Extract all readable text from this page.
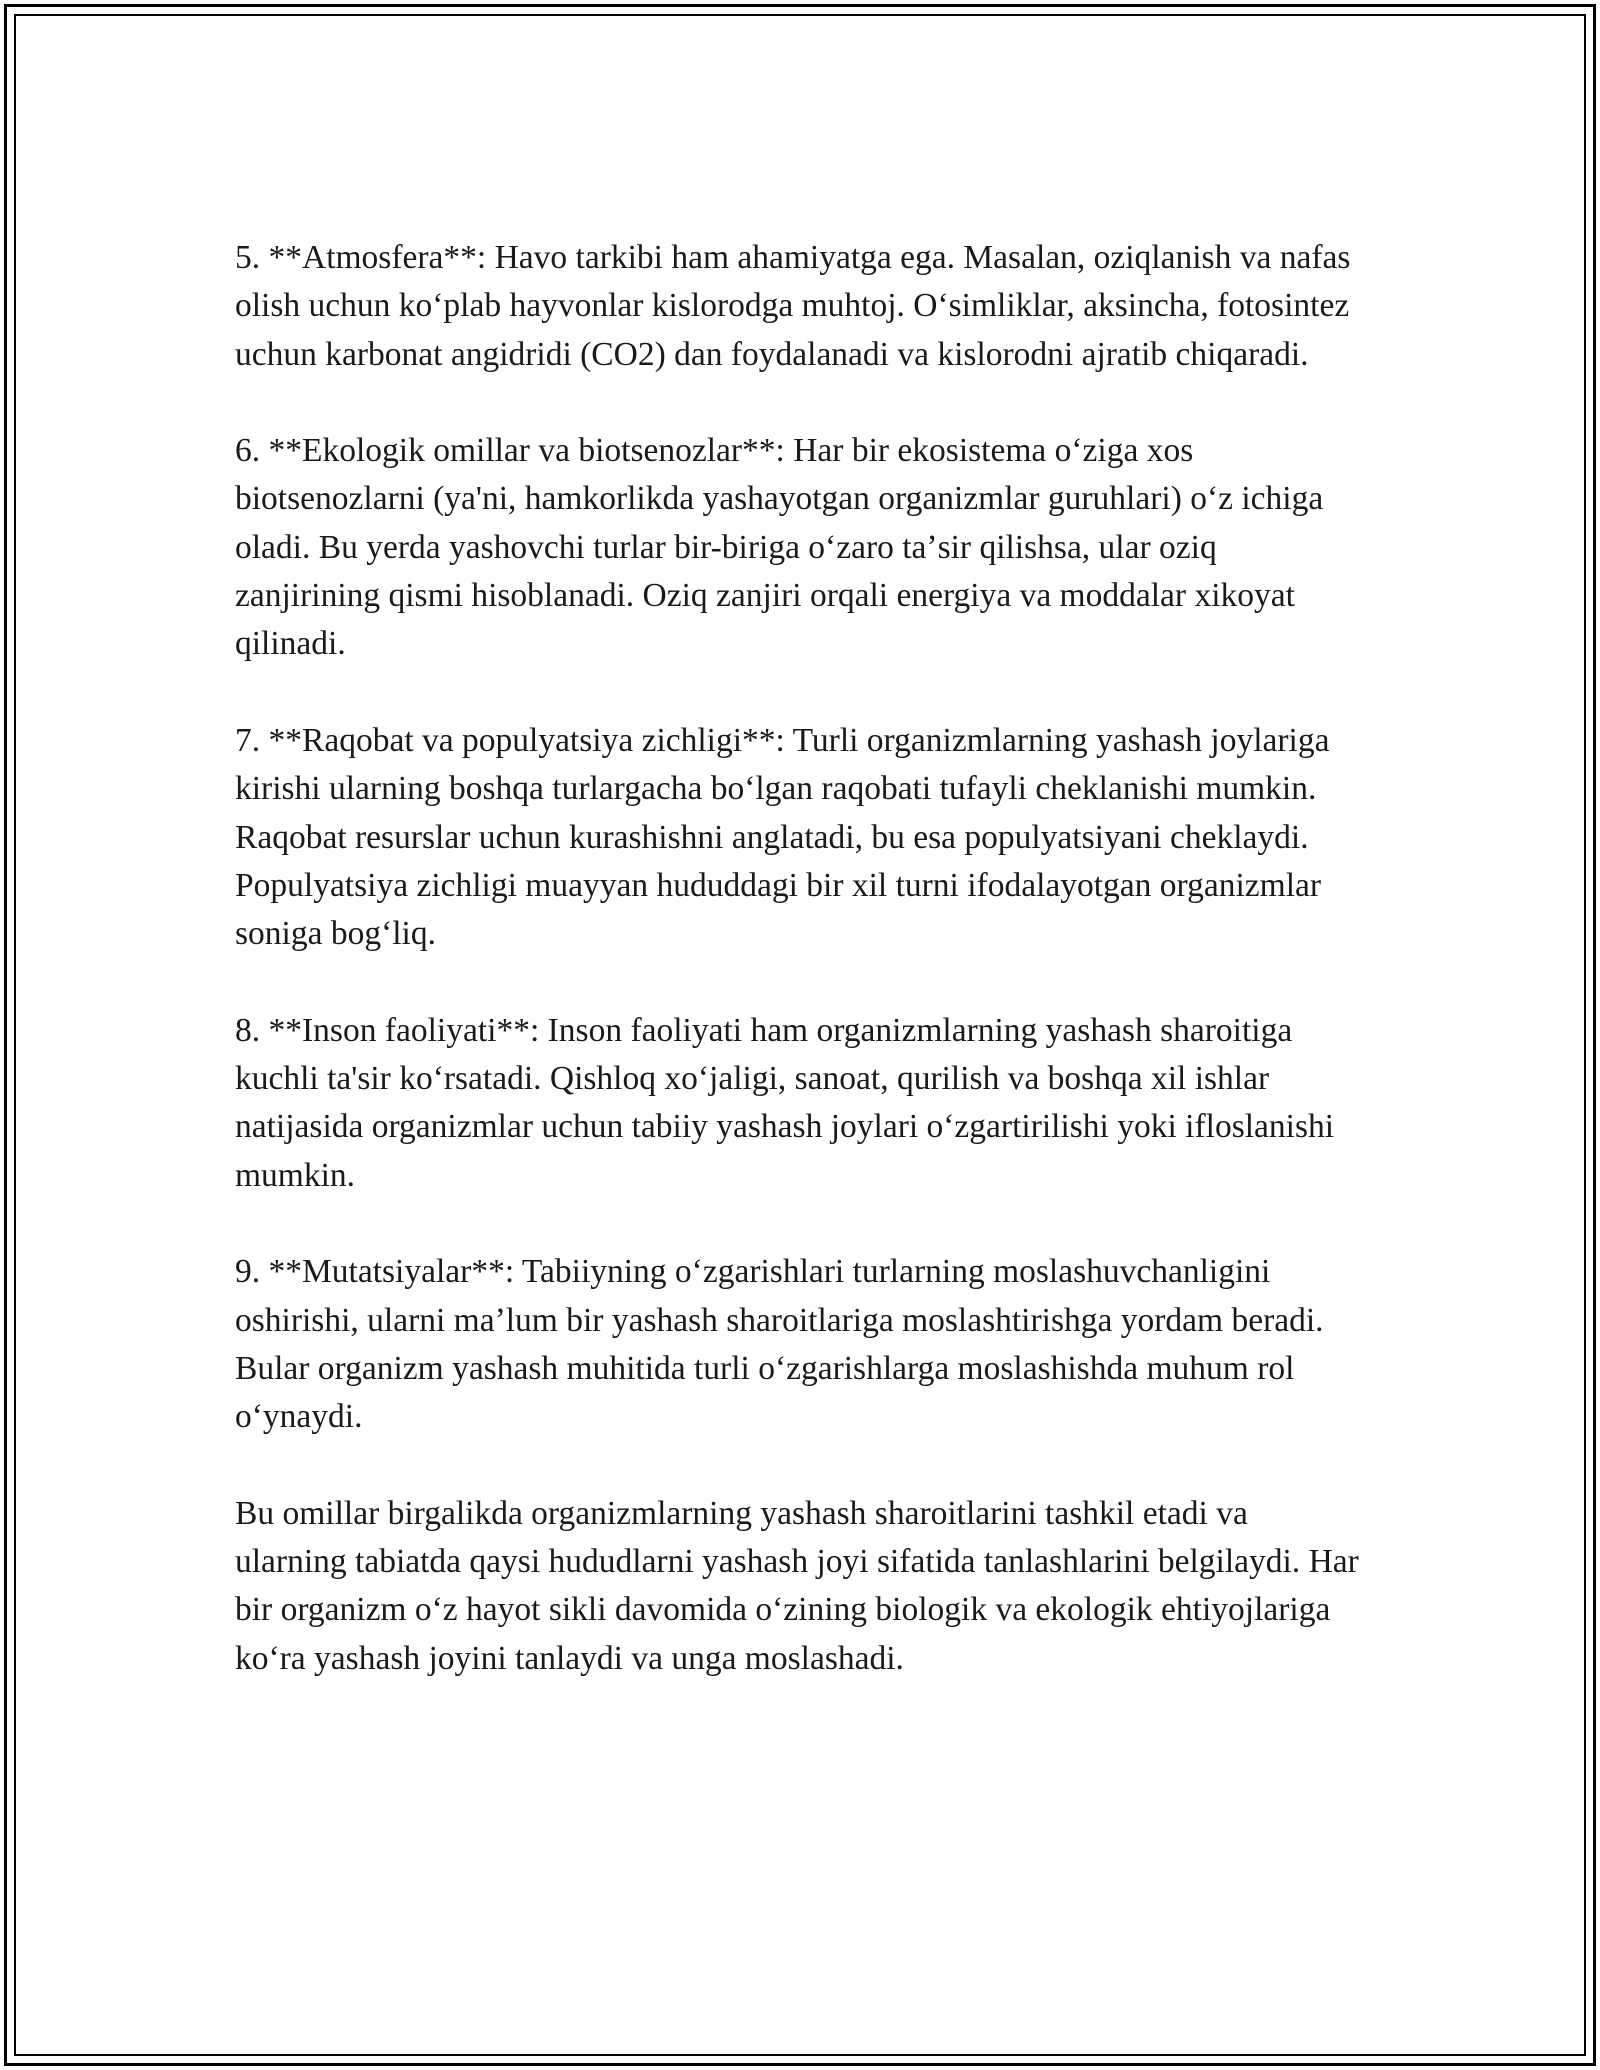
5. **Atmosfera**: Havo tarkibi ham ahamiyatga ega. Masalan, oziqlanish va nafas olish uchun koʻplab hayvonlar kislorodga muhtoj. Oʻsimliklar, aksincha, fotosintez uchun karbonat angidridi (CO2) dan foydalanadi va kislorodni ajratib chiqaradi.

6. **Ekologik omillar va biotsenozlar**: Har bir ekosistema oʻziga xos biotsenozlarni (ya'ni, hamkorlikda yashayotgan organizmlar guruhlari) oʻz ichiga oladi. Bu yerda yashovchi turlar bir-biriga oʻzaro taʼsir qilishsa, ular oziq zanjirining qismi hisoblanadi. Oziq zanjiri orqali energiya va moddalar xikoyat qilinadi.

7. **Raqobat va populyatsiya zichligi**: Turli organizmlarning yashash joylariga kirishi ularning boshqa turlargacha boʻlgan raqobati tufayli cheklanishi mumkin. Raqobat resurslar uchun kurashishni anglatadi, bu esa populyatsiyani cheklaydi. Populyatsiya zichligi muayyan hududdagi bir xil turni ifodalayotgan organizmlar soniga bogʻliq.

8. **Inson faoliyati**: Inson faoliyati ham organizmlarning yashash sharoitiga kuchli ta'sir koʻrsatadi. Qishloq xoʻjaligi, sanoat, qurilish va boshqa xil ishlar natijasida organizmlar uchun tabiiy yashash joylari oʻzgartirilishi yoki ifloslanishi mumkin.

9. **Mutatsiyalar**: Tabiiyning oʻzgarishlari turlarning moslashuvchanligini oshirishi, ularni maʼlum bir yashash sharoitlariga moslashtirishga yordam beradi. Bular organizm yashash muhitida turli oʻzgarishlarga moslashishda muhum rol oʻynaydi.

Bu omillar birgalikda organizmlarning yashash sharoitlarini tashkil etadi va ularning tabiatda qaysi hududlarni yashash joyi sifatida tanlashlarini belgilaydi. Har bir organizm oʻz hayot sikli davomida oʻzining biologik va ekologik ehtiyojlariga koʻra yashash joyini tanlaydi va unga moslashadi.
